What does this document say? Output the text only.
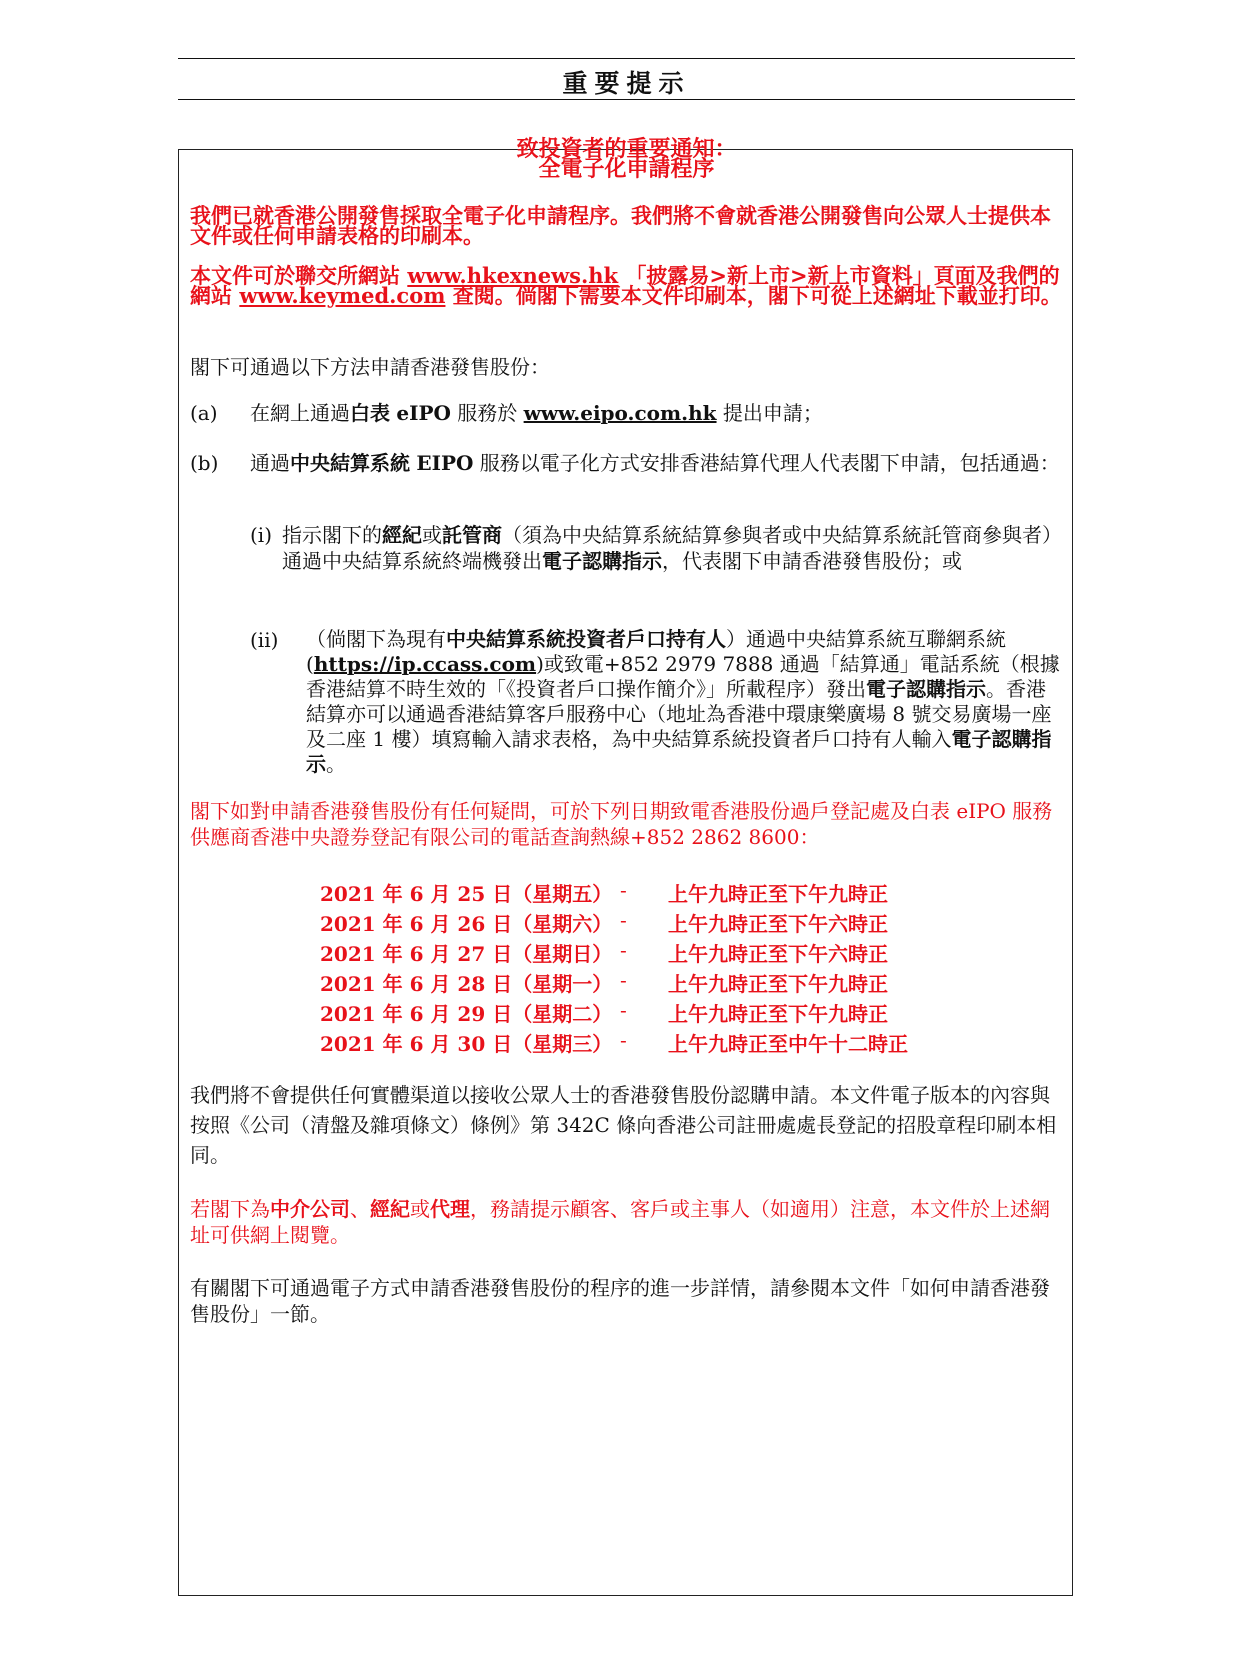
重要提示
致投資者的重要通知：
全電子化申請程序
我們已就香港公開發售採取全電子化申請程序。我們將不會就香港公開發售向公眾人士提供本文件或任何申請表格的印刷本。
本文件可於聯交所網站 www.hkexnews.hk 「披露易>新上市>新上市資料」頁面及我們的網站 www.keymed.com 查閱。倘閣下需要本文件印刷本，閣下可從上述網址下載並打印。
閣下可通過以下方法申請香港發售股份：
(a) 在網上通過白表 eIPO 服務於 www.eipo.com.hk 提出申請；
(b) 通過中央結算系統 EIPO 服務以電子化方式安排香港結算代理人代表閣下申請，包括通過：
(i) 指示閣下的經紀或託管商（須為中央結算系統結算參與者或中央結算系統託管商參與者）通過中央結算系統終端機發出電子認購指示，代表閣下申請香港發售股份；或
(ii) （倘閣下為現有中央結算系統投資者戶口持有人）通過中央結算系統互聯網系統(https://ip.ccass.com)或致電+852 2979 7888 通過「結算通」電話系統（根據香港結算不時生效的「《投資者戶口操作簡介》」所載程序）發出電子認購指示。香港結算亦可以通過香港結算客戶服務中心（地址為香港中環康樂廣場 8 號交易廣場一座及二座 1 樓）填寫輸入請求表格，為中央結算系統投資者戶口持有人輸入電子認購指示。
閣下如對申請香港發售股份有任何疑問，可於下列日期致電香港股份過戶登記處及白表 eIPO 服務供應商香港中央證券登記有限公司的電話查詢熱線+852 2862 8600：
2021 年 6 月 25 日（星期五） - 上午九時正至下午九時正
2021 年 6 月 26 日（星期六） - 上午九時正至下午六時正
2021 年 6 月 27 日（星期日） - 上午九時正至下午六時正
2021 年 6 月 28 日（星期一） - 上午九時正至下午九時正
2021 年 6 月 29 日（星期二） - 上午九時正至下午九時正
2021 年 6 月 30 日（星期三） - 上午九時正至中午十二時正
我們將不會提供任何實體渠道以接收公眾人士的香港發售股份認購申請。本文件電子版本的內容與按照《公司（清盤及雜項條文）條例》第 342C 條向香港公司註冊處處長登記的招股章程印刷本相同。
若閣下為中介公司、經紀或代理，務請提示顧客、客戶或主事人（如適用）注意，本文件於上述網址可供網上閱覽。
有關閣下可通過電子方式申請香港發售股份的程序的進一步詳情，請參閱本文件「如何申請香港發售股份」一節。
